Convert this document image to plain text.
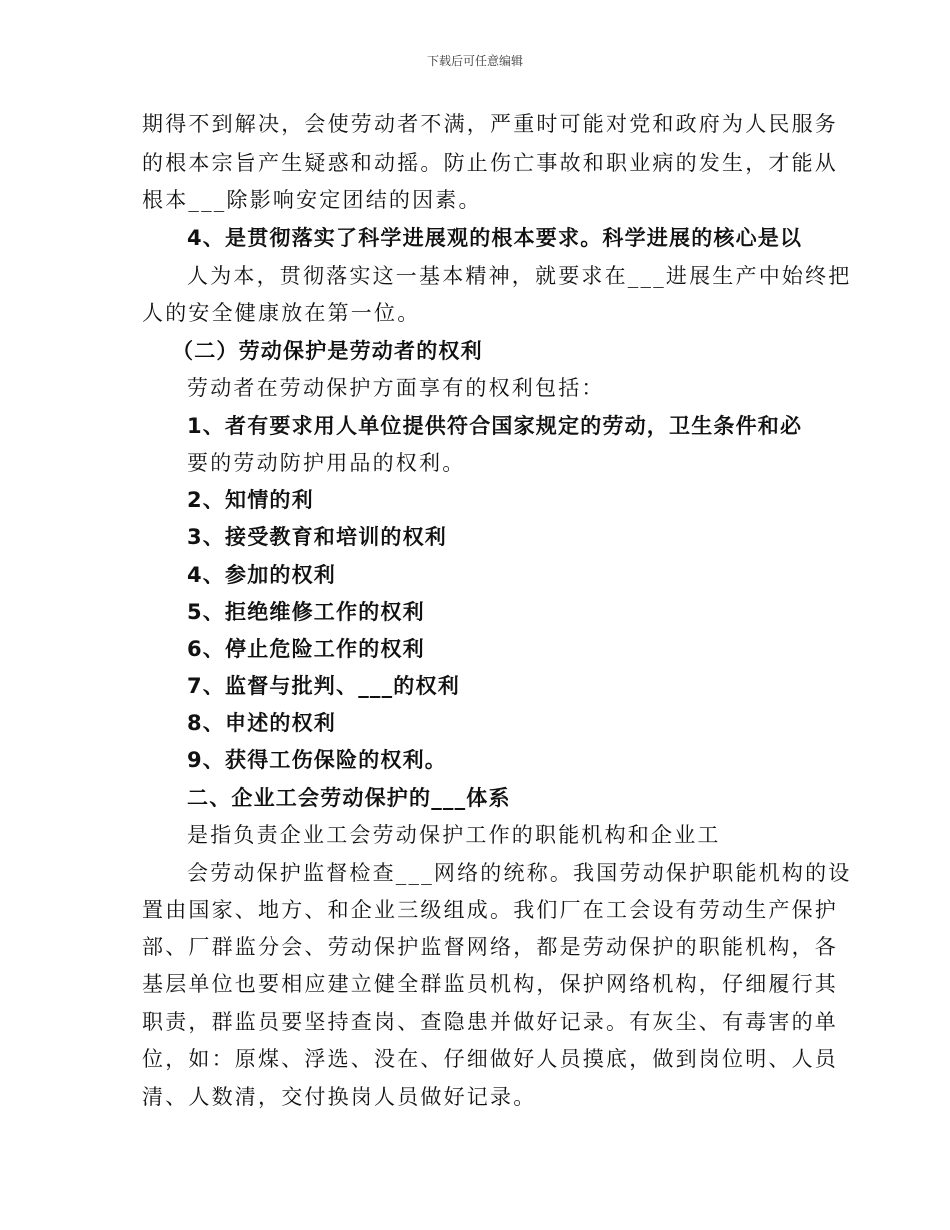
下载后可任意编辑
期得不到解决，会使劳动者不满，严重时可能对党和政府为人民服务
的根本宗旨产生疑惑和动摇。防止伤亡事故和职业病的发生，才能从
根本___除影响安定团结的因素。
4、是贯彻落实了科学进展观的根本要求。科学进展的核心是以
人为本，贯彻落实这一基本精神，就要求在___进展生产中始终把
人的安全健康放在第一位。
（二）劳动保护是劳动者的权利
劳动者在劳动保护方面享有的权利包括：
1、者有要求用人单位提供符合国家规定的劳动，卫生条件和必
要的劳动防护用品的权利。
2、知情的利
3、接受教育和培训的权利
4、参加的权利
5、拒绝维修工作的权利
6、停止危险工作的权利
7、监督与批判、___的权利
8、申述的权利
9、获得工伤保险的权利。
二、企业工会劳动保护的___体系
是指负责企业工会劳动保护工作的职能机构和企业工
会劳动保护监督检查___网络的统称。我国劳动保护职能机构的设
置由国家、地方、和企业三级组成。我们厂在工会设有劳动生产保护
部、厂群监分会、劳动保护监督网络，都是劳动保护的职能机构，各
基层单位也要相应建立健全群监员机构，保护网络机构，仔细履行其
职责，群监员要坚持查岗、查隐患并做好记录。有灰尘、有毒害的单
位，如：原煤、浮选、没在、仔细做好人员摸底，做到岗位明、人员
清、人数清，交付换岗人员做好记录。
